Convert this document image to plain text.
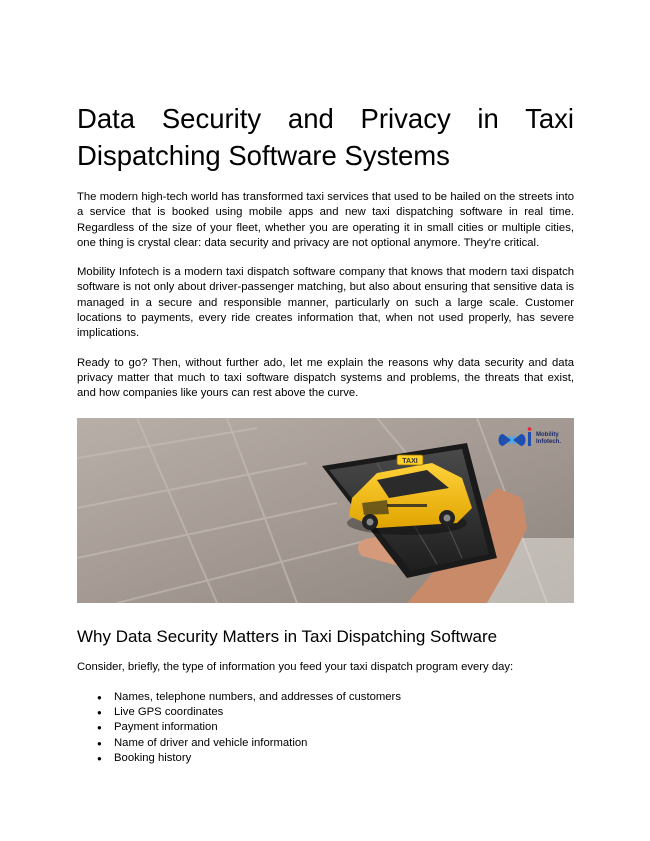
Data Security and Privacy in Taxi
Dispatching Software Systems

The modern high-tech world has transformed taxi services that used to be hailed on the streets into a service that is booked using mobile apps and new taxi dispatching software in real time. Regardless of the size of your fleet, whether you are operating it in small cities or multiple cities, one thing is crystal clear: data security and privacy are not optional anymore. They're critical.

Mobility Infotech is a modern taxi dispatch software company that knows that modern taxi dispatch software is not only about driver-passenger matching, but also about ensuring that sensitive data is managed in a secure and responsible manner, particularly on such a large scale. Customer locations to payments, every ride creates information that, when not used properly, has severe implications.

Ready to go? Then, without further ado, let me explain the reasons why data security and data privacy matter that much to taxi software dispatch systems and problems, the threats that exist, and how companies like yours can rest above the curve.

TAXI
Mobility
Infotech.
Why Data Security Matters in Taxi Dispatching Software

Consider, briefly, the type of information you feed your taxi dispatch program every day:

● Names, telephone numbers, and addresses of customers
● Live GPS coordinates
● Payment information
● Name of driver and vehicle information
● Booking history
